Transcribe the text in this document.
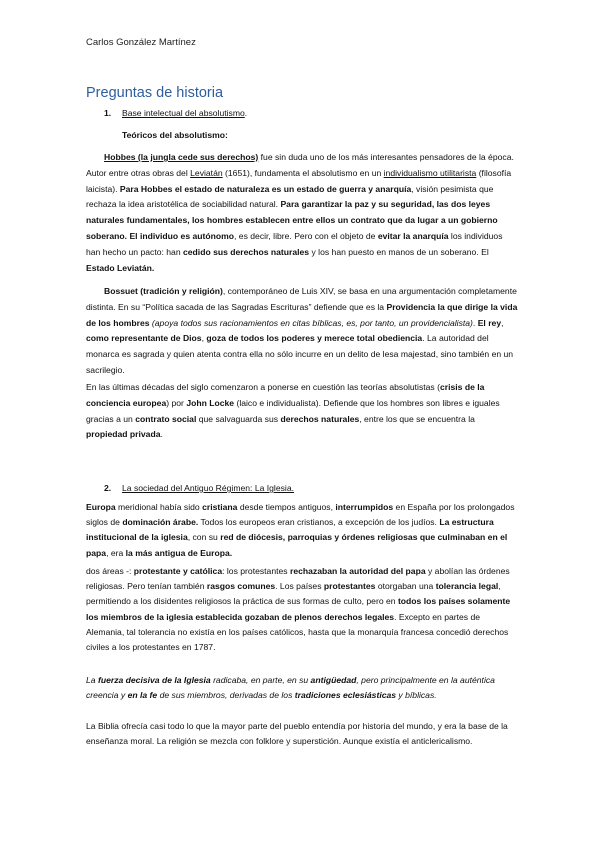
Carlos González Martínez
Preguntas de historia
1. Base intelectual del absolutismo.
Teóricos del absolutismo:
Hobbes (la jungla cede sus derechos) fue sin duda uno de los más interesantes pensadores de la época. Autor entre otras obras del Leviatán (1651), fundamenta el absolutismo en un individualismo utilitarista (filosofía laicista). Para Hobbes el estado de naturaleza es un estado de guerra y anarquía, visión pesimista que rechaza la idea aristotélica de sociabilidad natural. Para garantizar la paz y su seguridad, las dos leyes naturales fundamentales, los hombres establecen entre ellos un contrato que da lugar a un gobierno soberano. El individuo es autónomo, es decir, libre. Pero con el objeto de evitar la anarquía los individuos han hecho un pacto: han cedido sus derechos naturales y los han puesto en manos de un soberano. El Estado Leviatán.
Bossuet (tradición y religión), contemporáneo de Luis XIV, se basa en una argumentación completamente distinta. En su “Política sacada de las Sagradas Escrituras” defiende que es la Providencia la que dirige la vida de los hombres (apoya todos sus racionamientos en citas bíblicas, es, por tanto, un providencialista). El rey, como representante de Dios, goza de todos los poderes y merece total obediencia. La autoridad del monarca es sagrada y quien atenta contra ella no sólo incurre en un delito de lesa majestad, sino también en un sacrilegio.
En las últimas décadas del siglo comenzaron a ponerse en cuestión las teorías absolutistas (crisis de la conciencia europea) por John Locke (laico e individualista). Defiende que los hombres son libres e iguales gracias a un contrato social que salvaguarda sus derechos naturales, entre los que se encuentra la propiedad privada.
2. La sociedad del Antiguo Régimen: La Iglesia.
Europa meridional había sido cristiana desde tiempos antiguos, interrumpidos en España por los prolongados siglos de dominación árabe. Todos los europeos eran cristianos, a excepción de los judíos. La estructura institucional de la iglesia, con su red de diócesis, parroquias y órdenes religiosas que culminaban en el papa, era la más antigua de Europa.
dos áreas -: protestante y católica: los protestantes rechazaban la autoridad del papa y abolían las órdenes religiosas. Pero tenían también rasgos comunes. Los países protestantes otorgaban una tolerancia legal, permitiendo a los disidentes religiosos la práctica de sus formas de culto, pero en todos los países solamente los miembros de la iglesia establecida gozaban de plenos derechos legales. Excepto en partes de Alemania, tal tolerancia no existía en los países católicos, hasta que la monarquía francesa concedió derechos civiles a los protestantes en 1787.
La fuerza decisiva de la Iglesia radicaba, en parte, en su antigüedad, pero principalmente en la auténtica creencia y en la fe de sus miembros, derivadas de los tradiciones eclesiásticas y bíblicas.
La Biblia ofrecía casi todo lo que la mayor parte del pueblo entendía por historia del mundo, y era la base de la enseñanza moral. La religión se mezcla con folklore y superstición. Aunque existía el anticlericalismo.
